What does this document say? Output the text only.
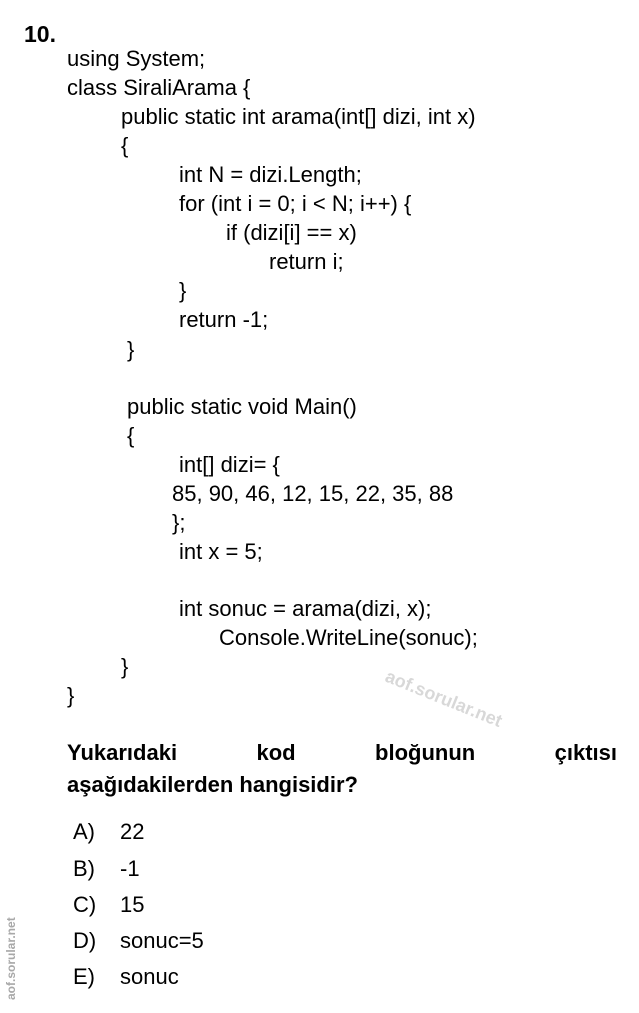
10.
using System;
class SiraliArama {
public static int arama(int[] dizi, int x)
{
int N = dizi.Length;
for (int i = 0; i < N; i++) {
if (dizi[i] == x)
return i;
}
return -1;
}
public static void Main()
{
int[] dizi= {
85, 90, 46, 12, 15, 22, 35, 88
};
int x = 5;
int sonuc = arama(dizi, x);
Console.WriteLine(sonuc);
}
}	aof.sorular.net
Yukarıdaki	kod	bloğunun	çıktısı
aşağıdakilerden hangisidir?
A) 22
B) -1
C) 15
D) sonuc=5
E) sonuc
aof.sorular.net
